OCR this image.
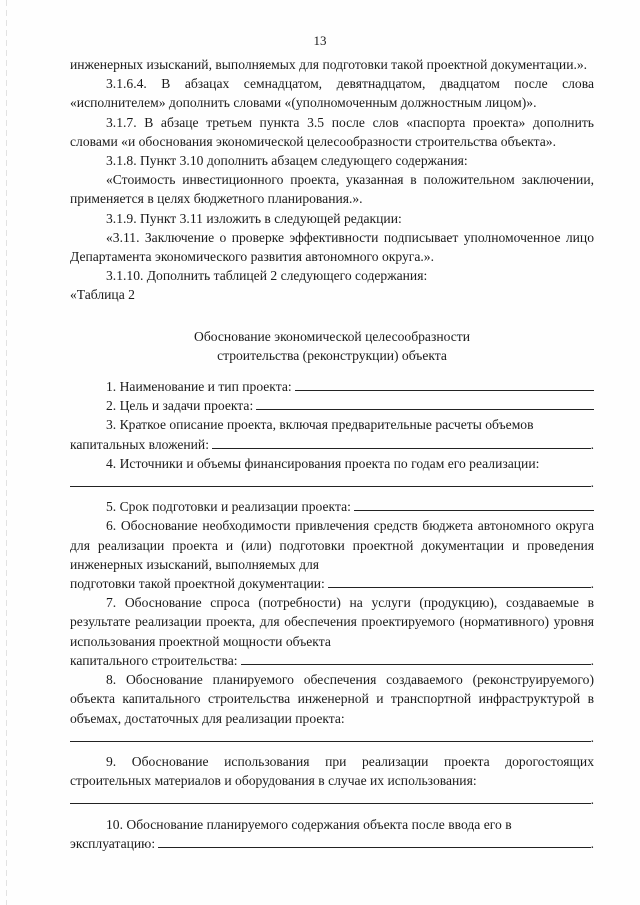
13

инженерных изысканий, выполняемых для подготовки такой проектной документации.».

3.1.6.4. В абзацах семнадцатом, девятнадцатом, двадцатом после слова «исполнителем» дополнить словами «(уполномоченным должностным лицом)».

3.1.7. В абзаце третьем пункта 3.5 после слов «паспорта проекта» дополнить словами «и обоснования экономической целесообразности строительства объекта».

3.1.8. Пункт 3.10 дополнить абзацем следующего содержания:

«Стоимость инвестиционного проекта, указанная в положительном заключении, применяется в целях бюджетного планирования.».

3.1.9. Пункт 3.11 изложить в следующей редакции:

«3.11. Заключение о проверке эффективности подписывает уполномоченное лицо Департамента экономического развития автономного округа.».

3.1.10. Дополнить таблицей 2 следующего содержания:

«Таблица 2

Обоснование экономической целесообразности
строительства (реконструкции) объекта
1. Наименование и тип проекта:
2. Цель и задачи проекта:

3. Краткое описание проекта, включая предварительные расчеты объемов

капитальных вложений:	.

4. Источники и объемы финансирования проекта по годам его реализации:

.
5. Срок подготовки и реализации проекта:

6. Обоснование необходимости привлечения средств бюджета автономного округа для реализации проекта и (или) подготовки проектной документации и проведения инженерных изысканий, выполняемых для

подготовки такой проектной документации:	.

7. Обоснование спроса (потребности) на услуги (продукцию), создаваемые в результате реализации проекта, для обеспечения проектируемого (нормативного) уровня использования проектной мощности объекта

капитального строительства:	.

8. Обоснование планируемого обеспечения создаваемого (реконструируемого) объекта капитального строительства инженерной и транспортной инфраструктурой в объемах, достаточных для реализации проекта:

.

9. Обоснование использования при реализации проекта дорогостоящих строительных материалов и оборудования в случае их использования:

.

10. Обоснование планируемого содержания объекта после ввода его в

эксплуатацию:	.
